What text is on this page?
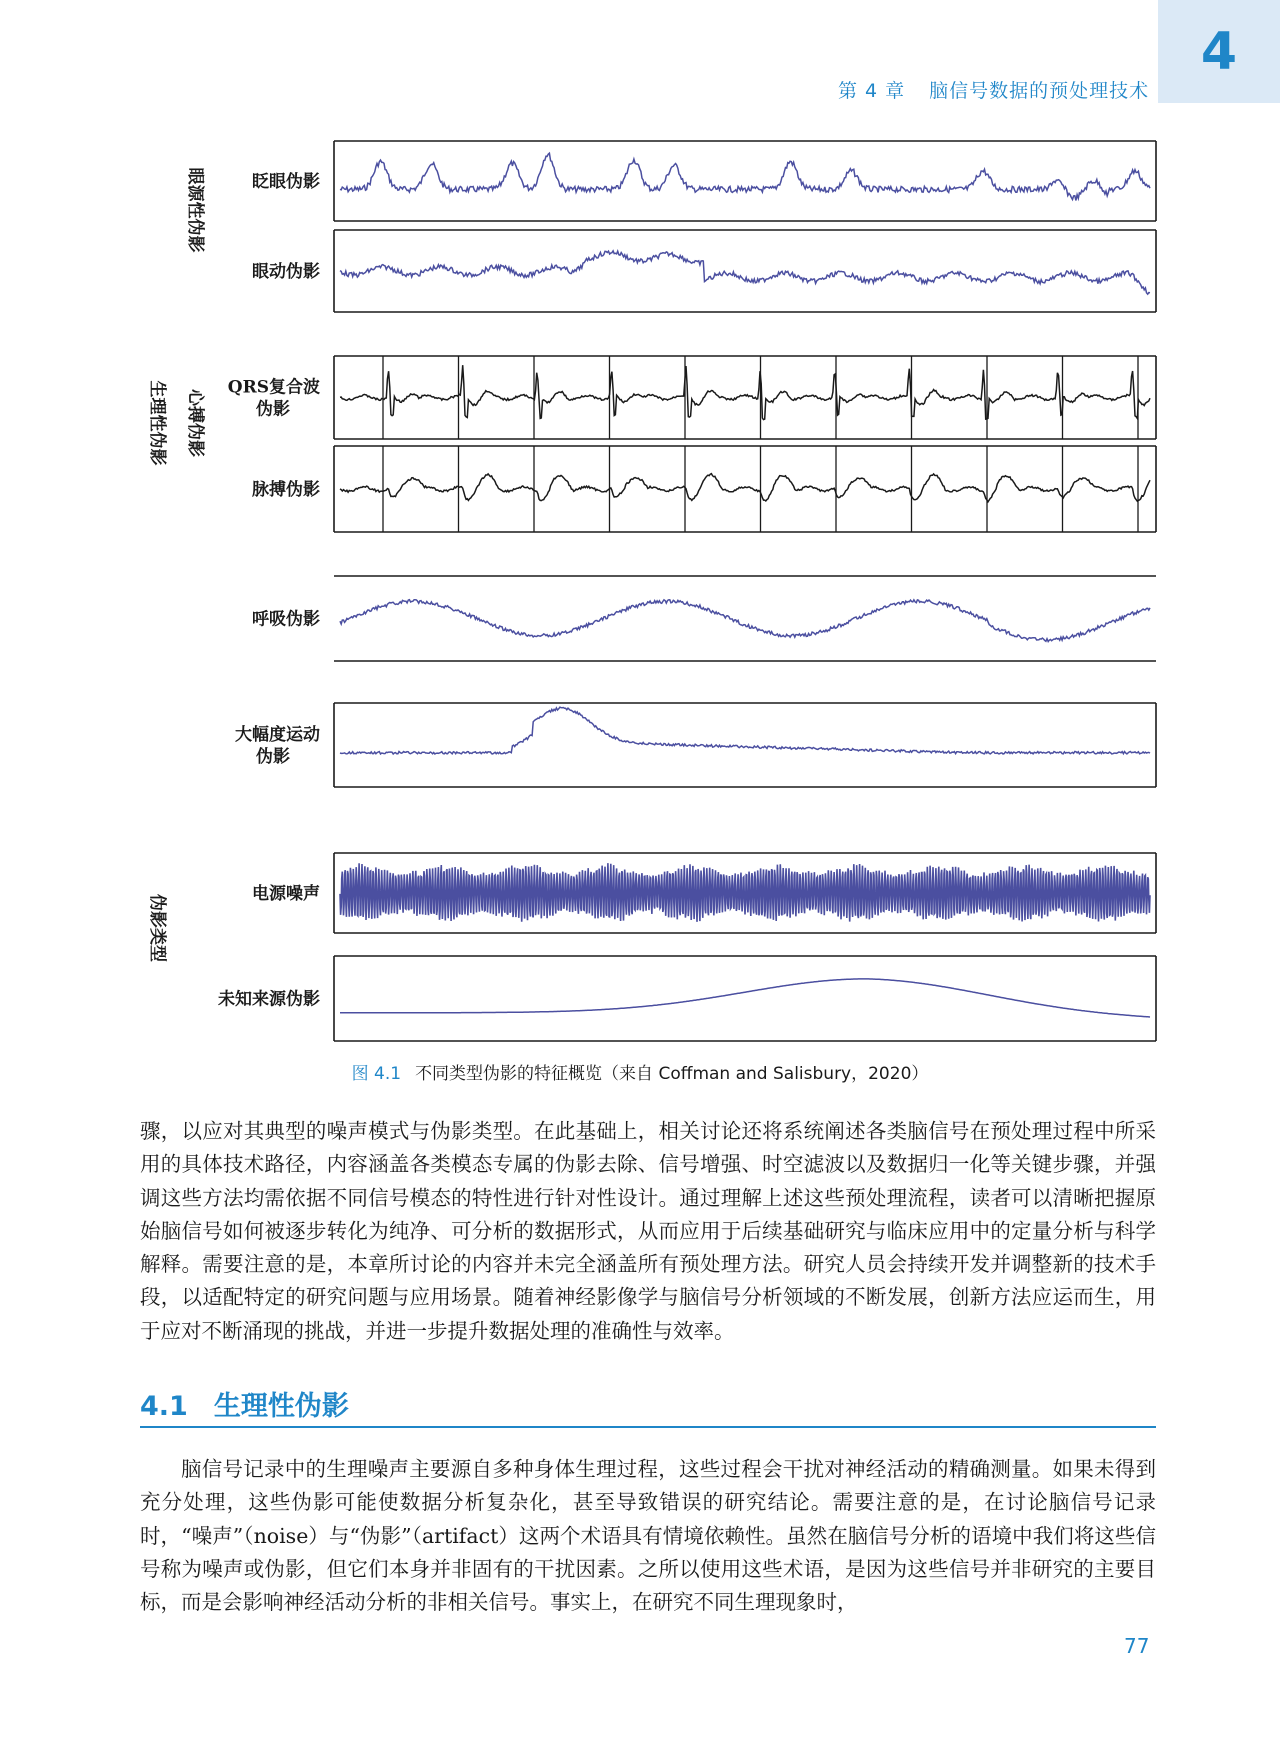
第 4 章 脑信号数据的预处理技术
4
眼源性伪影
心搏伪影
生理性伪影
伪影类型
眨眼伪影
眼动伪影
QRS复合波伪影
脉搏伪影
呼吸伪影
大幅度运动伪影
电源噪声
未知来源伪影
图 4.1 不同类型伪影的特征概览（来自 Coffman and Salisbury，2020）

骤，以应对其典型的噪声模式与伪影类型。在此基础上，相关讨论还将系统阐述各类脑信号在预处理过程中所采用的具体技术路径，内容涵盖各类模态专属的伪影去除、信号增强、时空滤波以及数据归一化等关键步骤，并强调这些方法均需依据不同信号模态的特性进行针对性设计。通过理解上述这些预处理流程，读者可以清晰把握原始脑信号如何被逐步转化为纯净、可分析的数据形式，从而应用于后续基础研究与临床应用中的定量分析与科学解释。需要注意的是，本章所讨论的内容并未完全涵盖所有预处理方法。研究人员会持续开发并调整新的技术手段，以适配特定的研究问题与应用场景。随着神经影像学与脑信号分析领域的不断发展，创新方法应运而生，用于应对不断涌现的挑战，并进一步提升数据处理的准确性与效率。

4.1 生理性伪影

脑信号记录中的生理噪声主要源自多种身体生理过程，这些过程会干扰对神经活动的精确测量。如果未得到充分处理，这些伪影可能使数据分析复杂化，甚至导致错误的研究结论。需要注意的是，在讨论脑信号记录时，“噪声”（noise）与“伪影”（artifact）这两个术语具有情境依赖性。虽然在脑信号分析的语境中我们将这些信号称为噪声或伪影，但它们本身并非固有的干扰因素。之所以使用这些术语，是因为这些信号并非研究的主要目标，而是会影响神经活动分析的非相关信号。事实上，在研究不同生理现象时，

77
